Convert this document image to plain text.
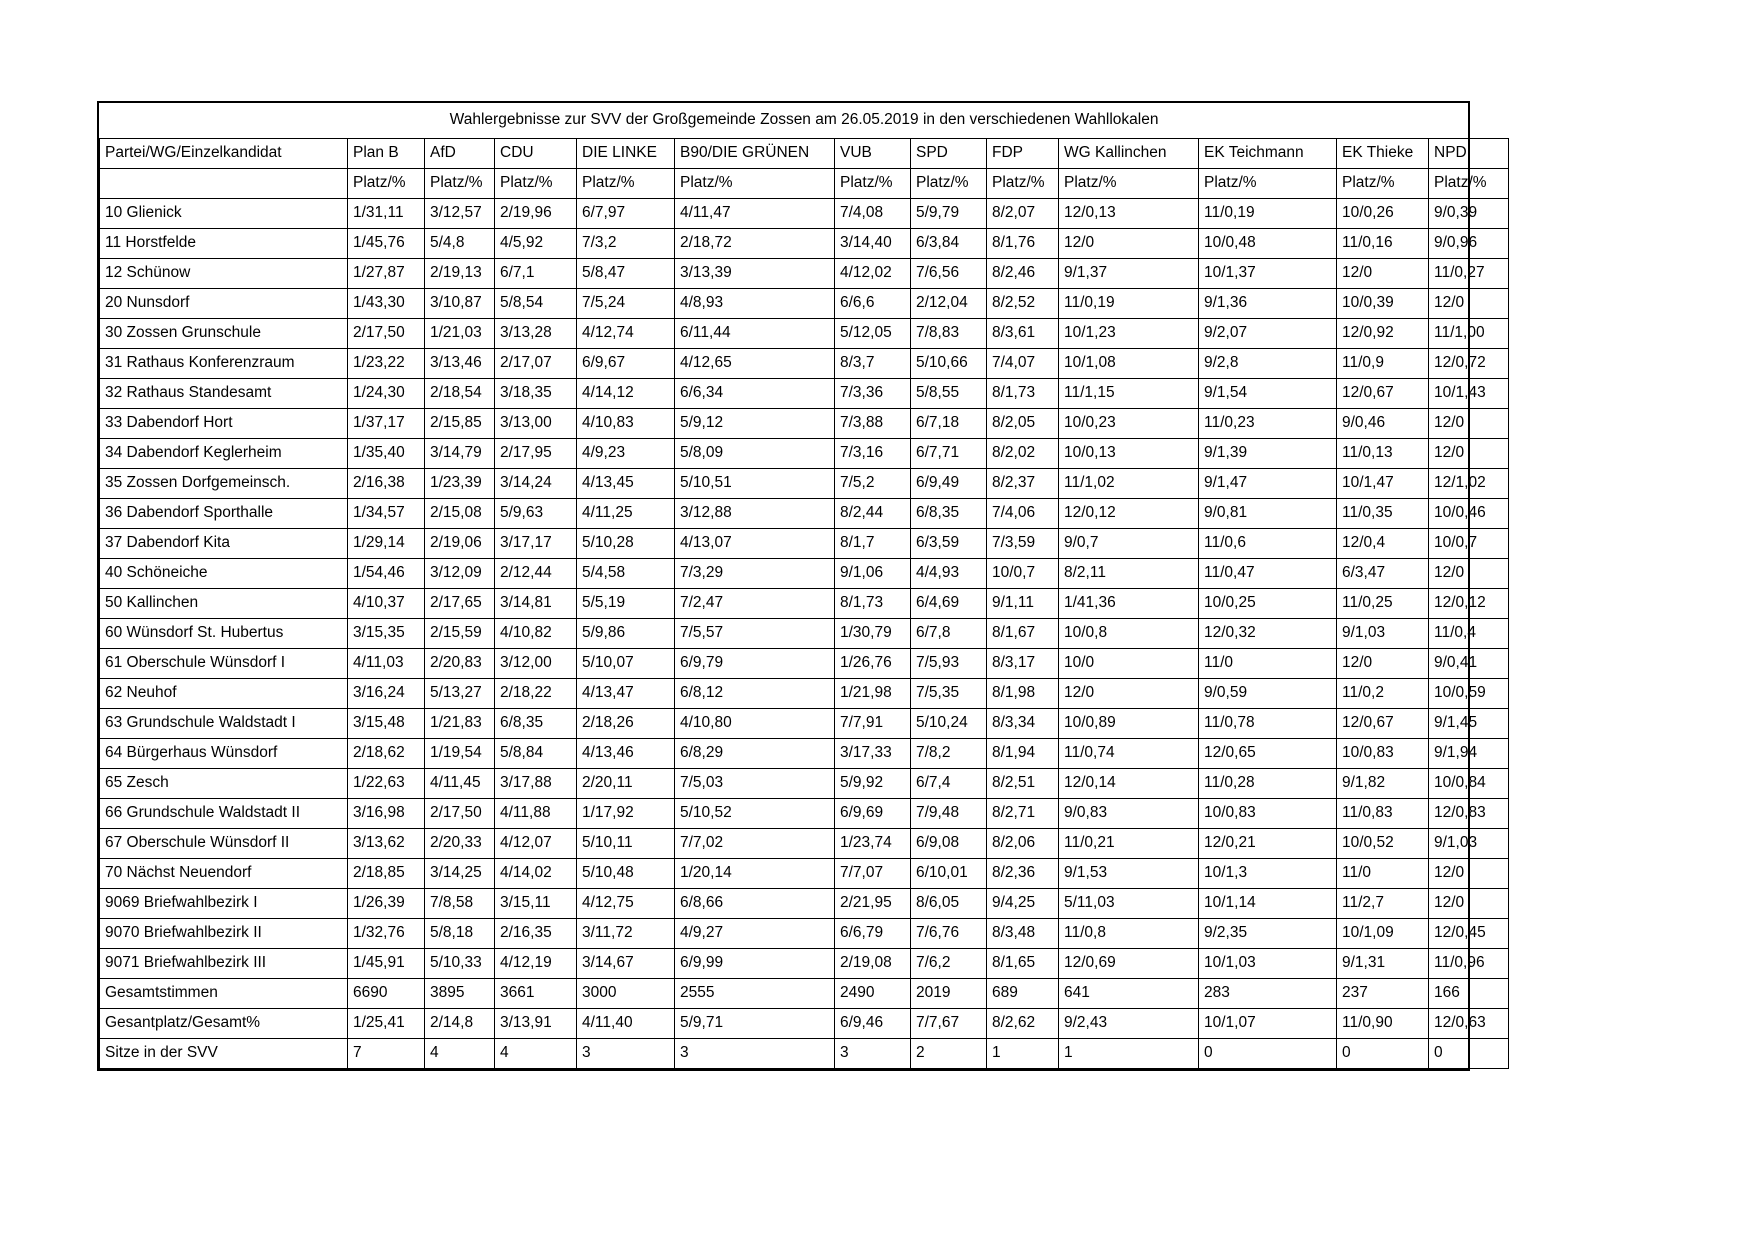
Wahlergebnisse zur SVV der Großgemeinde Zossen am 26.05.2019 in den verschiedenen Wahllokalen												
Partei/WG/Einzelkandidat	Plan B	AfD	CDU	DIE LINKE	B90/DIE GRÜNEN	VUB	SPD	FDP	WG Kallinchen	EK Teichmann	EK Thieke	NPD
	Platz/%	Platz/%	Platz/%	Platz/%	Platz/%	Platz/%	Platz/%	Platz/%	Platz/%	Platz/%	Platz/%	Platz/%
10 Glienick	1/31,11	3/12,57	2/19,96	6/7,97	4/11,47	7/4,08	5/9,79	8/2,07	12/0,13	11/0,19	10/0,26	9/0,39
11 Horstfelde	1/45,76	5/4,8	4/5,92	7/3,2	2/18,72	3/14,40	6/3,84	8/1,76	12/0	10/0,48	11/0,16	9/0,96
12 Schünow	1/27,87	2/19,13	6/7,1	5/8,47	3/13,39	4/12,02	7/6,56	8/2,46	9/1,37	10/1,37	12/0	11/0,27
20 Nunsdorf	1/43,30	3/10,87	5/8,54	7/5,24	4/8,93	6/6,6	2/12,04	8/2,52	11/0,19	9/1,36	10/0,39	12/0
30 Zossen Grunschule	2/17,50	1/21,03	3/13,28	4/12,74	6/11,44	5/12,05	7/8,83	8/3,61	10/1,23	9/2,07	12/0,92	11/1,00
31 Rathaus Konferenzraum	1/23,22	3/13,46	2/17,07	6/9,67	4/12,65	8/3,7	5/10,66	7/4,07	10/1,08	9/2,8	11/0,9	12/0,72
32 Rathaus Standesamt	1/24,30	2/18,54	3/18,35	4/14,12	6/6,34	7/3,36	5/8,55	8/1,73	11/1,15	9/1,54	12/0,67	10/1,43
33 Dabendorf Hort	1/37,17	2/15,85	3/13,00	4/10,83	5/9,12	7/3,88	6/7,18	8/2,05	10/0,23	11/0,23	9/0,46	12/0
34 Dabendorf Keglerheim	1/35,40	3/14,79	2/17,95	4/9,23	5/8,09	7/3,16	6/7,71	8/2,02	10/0,13	9/1,39	11/0,13	12/0
35 Zossen Dorfgemeinsch.	2/16,38	1/23,39	3/14,24	4/13,45	5/10,51	7/5,2	6/9,49	8/2,37	11/1,02	9/1,47	10/1,47	12/1,02
36 Dabendorf Sporthalle	1/34,57	2/15,08	5/9,63	4/11,25	3/12,88	8/2,44	6/8,35	7/4,06	12/0,12	9/0,81	11/0,35	10/0,46
37 Dabendorf Kita	1/29,14	2/19,06	3/17,17	5/10,28	4/13,07	8/1,7	6/3,59	7/3,59	9/0,7	11/0,6	12/0,4	10/0,7
40 Schöneiche	1/54,46	3/12,09	2/12,44	5/4,58	7/3,29	9/1,06	4/4,93	10/0,7	8/2,11	11/0,47	6/3,47	12/0
50 Kallinchen	4/10,37	2/17,65	3/14,81	5/5,19	7/2,47	8/1,73	6/4,69	9/1,11	1/41,36	10/0,25	11/0,25	12/0,12
60 Wünsdorf St. Hubertus	3/15,35	2/15,59	4/10,82	5/9,86	7/5,57	1/30,79	6/7,8	8/1,67	10/0,8	12/0,32	9/1,03	11/0,4
61 Oberschule Wünsdorf I	4/11,03	2/20,83	3/12,00	5/10,07	6/9,79	1/26,76	7/5,93	8/3,17	10/0	11/0	12/0	9/0,41
62 Neuhof	3/16,24	5/13,27	2/18,22	4/13,47	6/8,12	1/21,98	7/5,35	8/1,98	12/0	9/0,59	11/0,2	10/0,59
63 Grundschule Waldstadt I	3/15,48	1/21,83	6/8,35	2/18,26	4/10,80	7/7,91	5/10,24	8/3,34	10/0,89	11/0,78	12/0,67	9/1,45
64 Bürgerhaus Wünsdorf	2/18,62	1/19,54	5/8,84	4/13,46	6/8,29	3/17,33	7/8,2	8/1,94	11/0,74	12/0,65	10/0,83	9/1,94
65 Zesch	1/22,63	4/11,45	3/17,88	2/20,11	7/5,03	5/9,92	6/7,4	8/2,51	12/0,14	11/0,28	9/1,82	10/0,84
66 Grundschule Waldstadt II	3/16,98	2/17,50	4/11,88	1/17,92	5/10,52	6/9,69	7/9,48	8/2,71	9/0,83	10/0,83	11/0,83	12/0,83
67 Oberschule Wünsdorf II	3/13,62	2/20,33	4/12,07	5/10,11	7/7,02	1/23,74	6/9,08	8/2,06	11/0,21	12/0,21	10/0,52	9/1,03
70 Nächst Neuendorf	2/18,85	3/14,25	4/14,02	5/10,48	1/20,14	7/7,07	6/10,01	8/2,36	9/1,53	10/1,3	11/0	12/0
9069 Briefwahlbezirk I	1/26,39	7/8,58	3/15,11	4/12,75	6/8,66	2/21,95	8/6,05	9/4,25	5/11,03	10/1,14	11/2,7	12/0
9070 Briefwahlbezirk II	1/32,76	5/8,18	2/16,35	3/11,72	4/9,27	6/6,79	7/6,76	8/3,48	11/0,8	9/2,35	10/1,09	12/0,45
9071 Briefwahlbezirk III	1/45,91	5/10,33	4/12,19	3/14,67	6/9,99	2/19,08	7/6,2	8/1,65	12/0,69	10/1,03	9/1,31	11/0,96
Gesamtstimmen	6690	3895	3661	3000	2555	2490	2019	689	641	283	237	166
Gesantplatz/Gesamt%	1/25,41	2/14,8	3/13,91	4/11,40	5/9,71	6/9,46	7/7,67	8/2,62	9/2,43	10/1,07	11/0,90	12/0,63
Sitze in der SVV	7	4	4	3	3	3	2	1	1	0	0	0
